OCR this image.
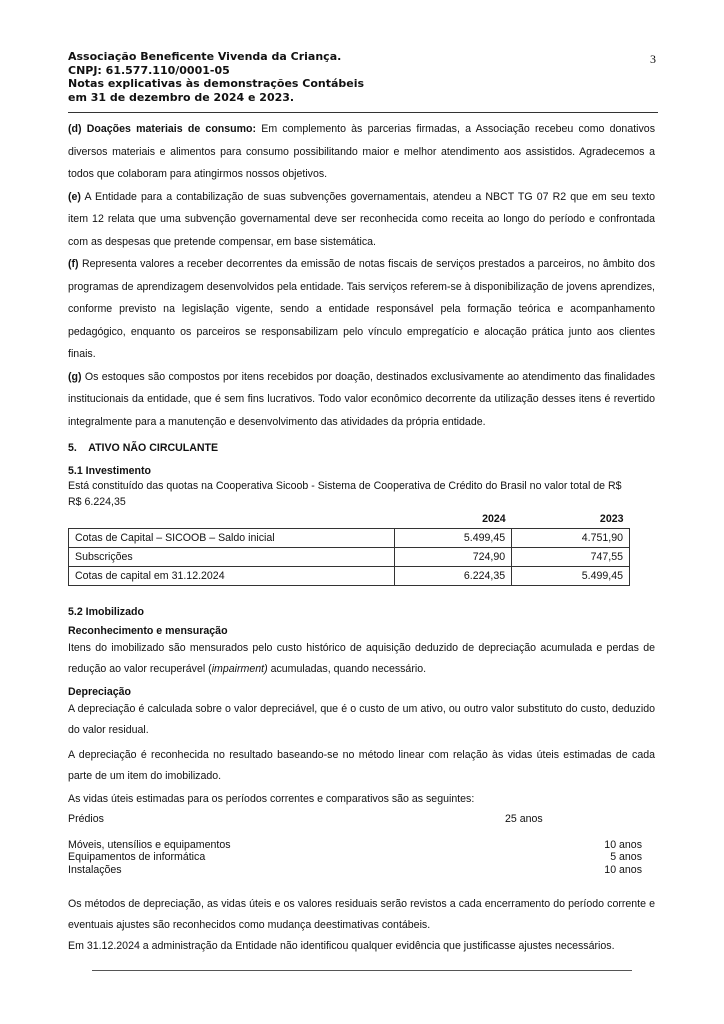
Associação Beneficente Vivenda da Criança.
CNPJ: 61.577.110/0001-05
Notas explicativas às demonstrações Contábeis
em 31 de dezembro de 2024 e 2023.
3

(d) Doações materiais de consumo: Em complemento às parcerias firmadas, a Associação recebeu como donativos diversos materiais e alimentos para consumo possibilitando maior e melhor atendimento aos assistidos. Agradecemos a todos que colaboram para atingirmos nossos objetivos.

(e) A Entidade para a contabilização de suas subvenções governamentais, atendeu a NBCT TG 07 R2 que em seu texto item 12 relata que uma subvenção governamental deve ser reconhecida como receita ao longo do período e confrontada com as despesas que pretende compensar, em base sistemática.

(f) Representa valores a receber decorrentes da emissão de notas fiscais de serviços prestados a parceiros, no âmbito dos programas de aprendizagem desenvolvidos pela entidade. Tais serviços referem-se à disponibilização de jovens aprendizes, conforme previsto na legislação vigente, sendo a entidade responsável pela formação teórica e acompanhamento pedagógico, enquanto os parceiros se responsabilizam pelo vínculo empregatício e alocação prática junto aos clientes finais.

(g) Os estoques são compostos por itens recebidos por doação, destinados exclusivamente ao atendimento das finalidades institucionais da entidade, que é sem fins lucrativos. Todo valor econômico decorrente da utilização desses itens é revertido integralmente para a manutenção e desenvolvimento das atividades da própria entidade.

5.    ATIVO NÃO CIRCULANTE
5.1 Investimento

Está constituído das quotas na Cooperativa Sicoob - Sistema de Cooperativa de Crédito do Brasil no valor total de R$

R$ 6.224,35

	2024	2023
Cotas de Capital – SICOOB – Saldo inicial	5.499,45	4.751,90
Subscrições	724,90	747,55
Cotas de capital em 31.12.2024	6.224,35	5.499,45
5.2 Imobilizado
Reconhecimento e mensuração

Itens do imobilizado são mensurados pelo custo histórico de aquisição deduzido de depreciação acumulada e perdas de redução ao valor recuperável (impairment) acumuladas, quando necessário.

Depreciação

A depreciação é calculada sobre o valor depreciável, que é o custo de um ativo, ou outro valor substituto do custo, deduzido do valor residual.

A depreciação é reconhecida no resultado baseando-se no método linear com relação às vidas úteis estimadas de cada parte de um item do imobilizado.

As vidas úteis estimadas para os períodos correntes e comparativos são as seguintes:

Prédios	25 anos
Móveis, utensílios e equipamentos	10 anos
Equipamentos de informática	5 anos
Instalações	10 anos

Os métodos de depreciação, as vidas úteis e os valores residuais serão revistos a cada encerramento do período corrente e eventuais ajustes são reconhecidos como mudança deestimativas contábeis.

Em 31.12.2024 a administração da Entidade não identificou qualquer evidência que justificasse ajustes necessários.
